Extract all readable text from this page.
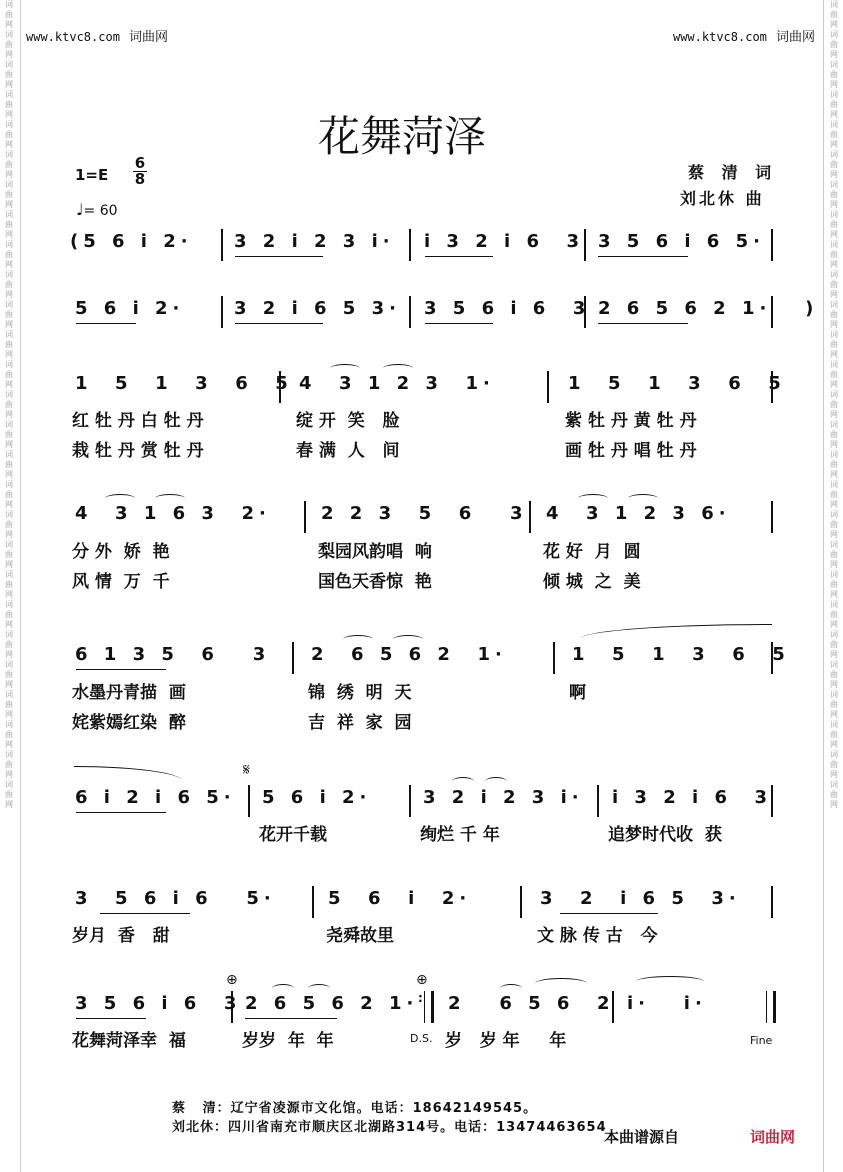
词曲网词曲网词曲网词曲网词曲网词曲网词曲网词曲网词曲网词曲网词曲网词曲网词曲网词曲网词曲网词曲网词曲网词曲网词曲网词曲网词曲网词曲网词曲网词曲网词曲网词曲网词曲网
词曲网词曲网词曲网词曲网词曲网词曲网词曲网词曲网词曲网词曲网词曲网词曲网词曲网词曲网词曲网词曲网词曲网词曲网词曲网词曲网词曲网词曲网词曲网词曲网词曲网词曲网词曲网
www.ktvc8.com 词曲网	www.ktvc8.com 词曲网
花舞菏泽
$1=E \frac{6}{8}$
♩= 60
蔡 清 词
刘北休 曲
(5 6 i 2· 3 2 i 2 3 i· i 3 2 i 6  3 3 5 6 i 6 5·
5 6 i 2·	3 2 i 6 5 3· 3 5 6 i 6  3 2 6 5 6 2 1·   )
1  5  1  3  6  5 4  3 1 2 3  1·	1  5  1  3  6  5
红 牡 丹 白 牡 丹	绽 开  笑   脸	紫 牡 丹 黄 牡 丹
栽 牡 丹 赏 牡 丹	春 满  人   间	画 牡 丹 唱 牡 丹
4  3 1 6 3  2·	2 2 3  5  6   3 4  3 1 2 3 6·
分 外  娇  艳	梨园风韵唱  响	花 好  月  圆
风 情  万  千	国色天香惊  艳	倾 城  之  美
6 1 3 5  6   3 2  6 5 6 2  1·	1  5  1  3  6  5
水墨丹青描  画	锦  绣  明  天	啊
姹紫嫣红染  醉	吉  祥  家  园
𝄋
6 i 2 i 6 5· 5 6 i 2·	3 2 i 2 3 i· i 3 2 i 6  3
花开千载	绚烂 千 年	追梦时代收  获
3  5 6 i 6   5·	5  6  i  2·	3  2  i 6 5  3·
岁月  香   甜	尧舜故里	文 脉 传 古   今
⊕	⊕
3 5 6 i 6  3 2 6 5 6 2 1· : 2   6 5 6  2 i·   i·
花舞菏泽幸  福	岁岁  年  年	D.S. 岁   岁 年     年	Fine
蔡   清：辽宁省凌源市文化馆。电话：18642149545。
刘北休：四川省南充市顺庆区北湖路314号。电话：13474463654
本曲谱源自	词曲网
